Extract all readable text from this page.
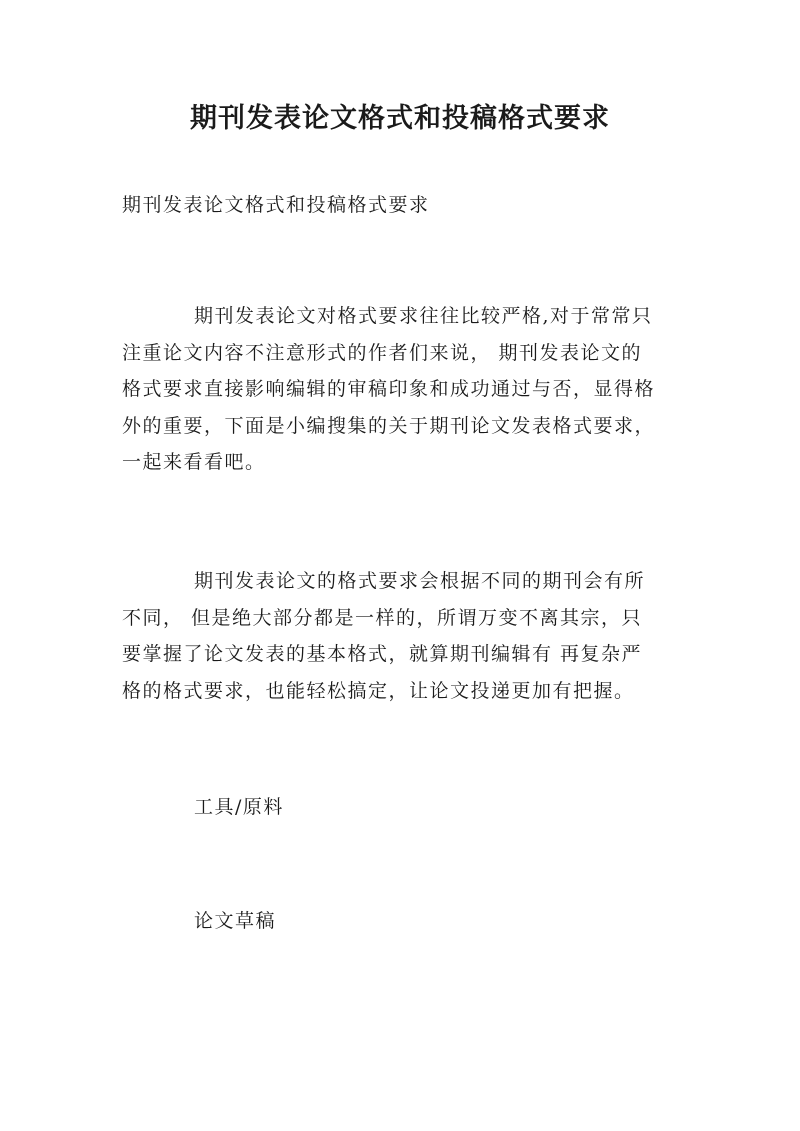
期刊发表论文格式和投稿格式要求

期刊发表论文格式和投稿格式要求

期刊发表论文对格式要求往往比较严格,对于常常只
注重论文内容不注意形式的作者们来说， 期刊发表论文的
格式要求直接影响编辑的审稿印象和成功通过与否，显得格
外的重要，下面是小编搜集的关于期刊论文发表格式要求，
一起来看看吧。
期刊发表论文的格式要求会根据不同的期刊会有所
不同， 但是绝大部分都是一样的，所谓万变不离其宗，只
要掌握了论文发表的基本格式，就算期刊编辑有 再复杂严
格的格式要求，也能轻松搞定，让论文投递更加有把握。

工具/原料

论文草稿
